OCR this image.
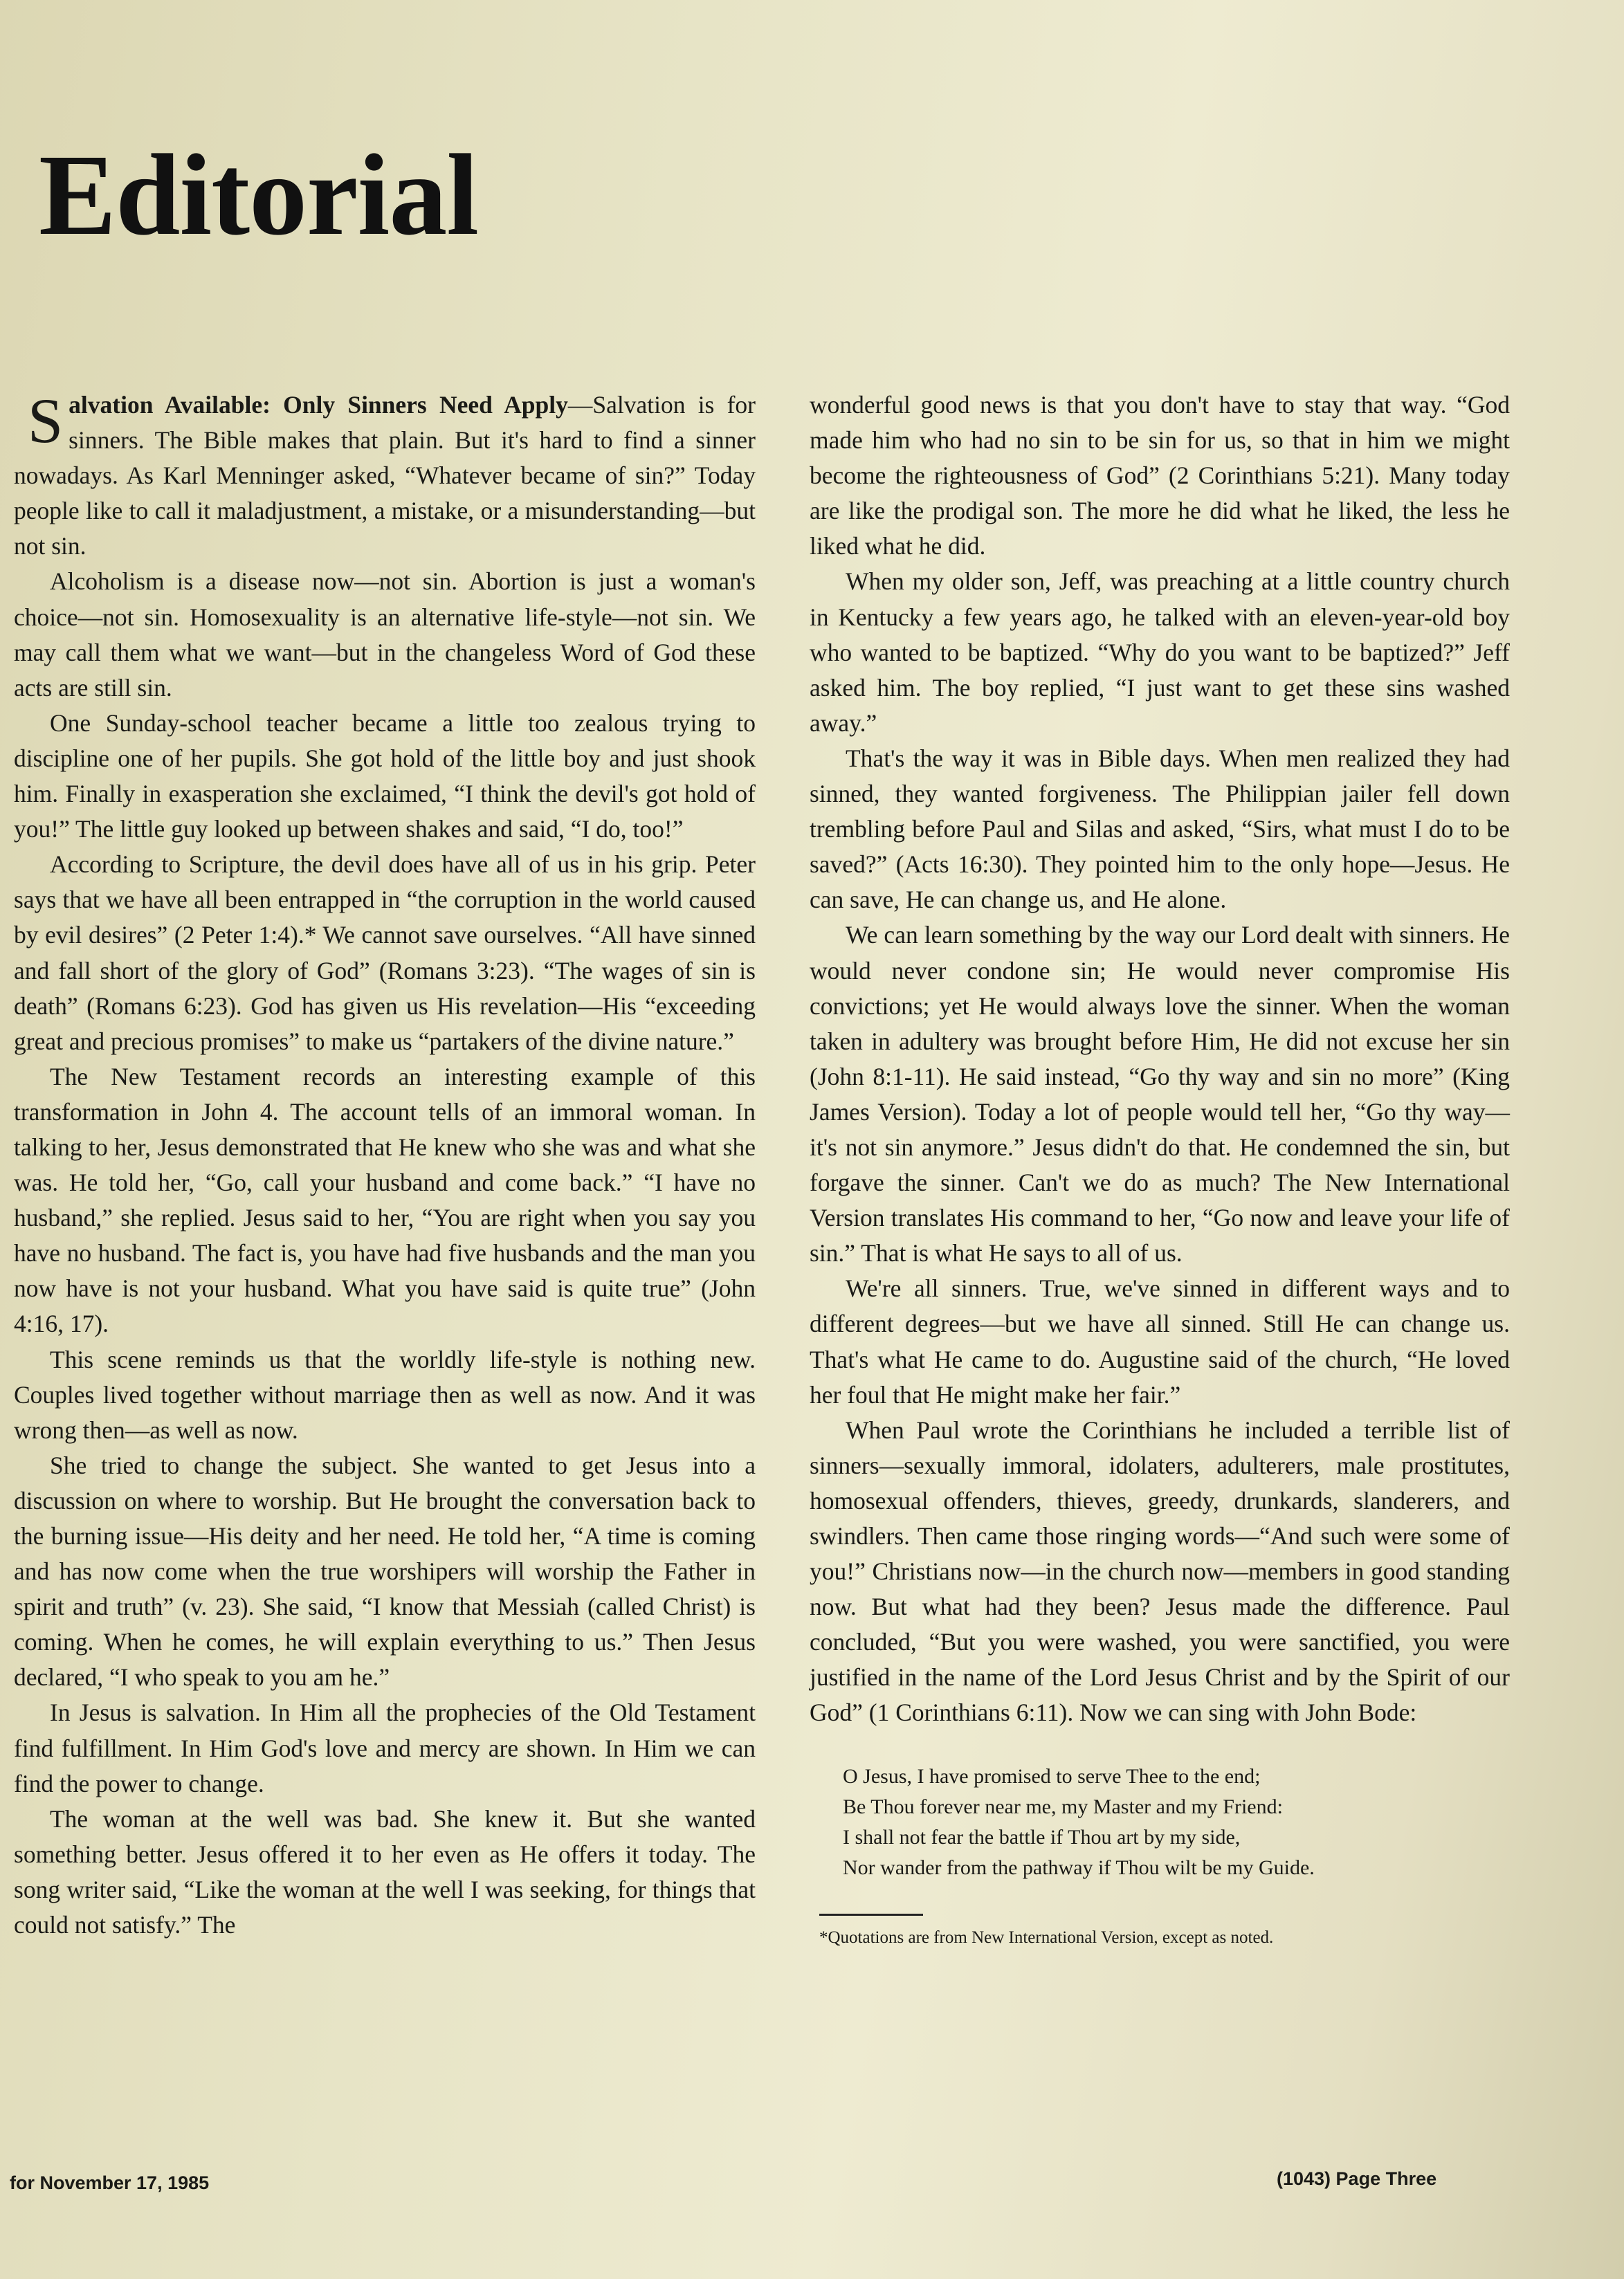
Editorial

Salvation Available: Only Sinners Need Apply—Salvation is for sinners. The Bible makes that plain. But it's hard to find a sinner nowadays. As Karl Menninger asked, “Whatever became of sin?” Today people like to call it maladjustment, a mistake, or a misunderstanding—but not sin.

Alcoholism is a disease now—not sin. Abortion is just a woman's choice—not sin. Homosexuality is an alternative life-style—not sin. We may call them what we want—but in the changeless Word of God these acts are still sin.

One Sunday-school teacher became a little too zealous trying to discipline one of her pupils. She got hold of the little boy and just shook him. Finally in exasperation she exclaimed, “I think the devil's got hold of you!” The little guy looked up between shakes and said, “I do, too!”

According to Scripture, the devil does have all of us in his grip. Peter says that we have all been entrapped in “the corruption in the world caused by evil desires” (2 Peter 1:4).* We cannot save ourselves. “All have sinned and fall short of the glory of God” (Romans 3:23). “The wages of sin is death” (Romans 6:23). God has given us His revelation—His “exceeding great and precious promises” to make us “partakers of the divine nature.”

The New Testament records an interesting example of this transformation in John 4. The account tells of an immoral woman. In talking to her, Jesus demonstrated that He knew who she was and what she was. He told her, “Go, call your husband and come back.” “I have no husband,” she replied. Jesus said to her, “You are right when you say you have no husband. The fact is, you have had five husbands and the man you now have is not your husband. What you have said is quite true” (John 4:16, 17).

This scene reminds us that the worldly life-style is nothing new. Couples lived together without marriage then as well as now. And it was wrong then—as well as now.

She tried to change the subject. She wanted to get Jesus into a discussion on where to worship. But He brought the conversation back to the burning issue—His deity and her need. He told her, “A time is coming and has now come when the true worshipers will worship the Father in spirit and truth” (v. 23). She said, “I know that Messiah (called Christ) is coming. When he comes, he will explain everything to us.” Then Jesus declared, “I who speak to you am he.”

In Jesus is salvation. In Him all the prophecies of the Old Testament find fulfillment. In Him God's love and mercy are shown. In Him we can find the power to change.

The woman at the well was bad. She knew it. But she wanted something better. Jesus offered it to her even as He offers it today. The song writer said, “Like the woman at the well I was seeking, for things that could not satisfy.” The

wonderful good news is that you don't have to stay that way. “God made him who had no sin to be sin for us, so that in him we might become the righteousness of God” (2 Corinthians 5:21). Many today are like the prodigal son. The more he did what he liked, the less he liked what he did.

When my older son, Jeff, was preaching at a little country church in Kentucky a few years ago, he talked with an eleven-year-old boy who wanted to be baptized. “Why do you want to be baptized?” Jeff asked him. The boy replied, “I just want to get these sins washed away.”

That's the way it was in Bible days. When men realized they had sinned, they wanted forgiveness. The Philippian jailer fell down trembling before Paul and Silas and asked, “Sirs, what must I do to be saved?” (Acts 16:30). They pointed him to the only hope—Jesus. He can save, He can change us, and He alone.

We can learn something by the way our Lord dealt with sinners. He would never condone sin; He would never compromise His convictions; yet He would always love the sinner. When the woman taken in adultery was brought before Him, He did not excuse her sin (John 8:1-11). He said instead, “Go thy way and sin no more” (King James Version). Today a lot of people would tell her, “Go thy way—it's not sin anymore.” Jesus didn't do that. He condemned the sin, but forgave the sinner. Can't we do as much? The New International Version translates His command to her, “Go now and leave your life of sin.” That is what He says to all of us.

We're all sinners. True, we've sinned in different ways and to different degrees—but we have all sinned. Still He can change us. That's what He came to do. Augustine said of the church, “He loved her foul that He might make her fair.”

When Paul wrote the Corinthians he included a terrible list of sinners—sexually immoral, idolaters, adulterers, male prostitutes, homosexual offenders, thieves, greedy, drunkards, slanderers, and swindlers. Then came those ringing words—“And such were some of you!” Christians now—in the church now—members in good standing now. But what had they been? Jesus made the difference. Paul concluded, “But you were washed, you were sanctified, you were justified in the name of the Lord Jesus Christ and by the Spirit of our God” (1 Corinthians 6:11). Now we can sing with John Bode:

O Jesus, I have promised to serve Thee to the end;
Be Thou forever near me, my Master and my Friend:
I shall not fear the battle if Thou art by my side,
Nor wander from the pathway if Thou wilt be my Guide.
*Quotations are from New International Version, except as noted.
for November 17, 1985	(1043) Page Three
